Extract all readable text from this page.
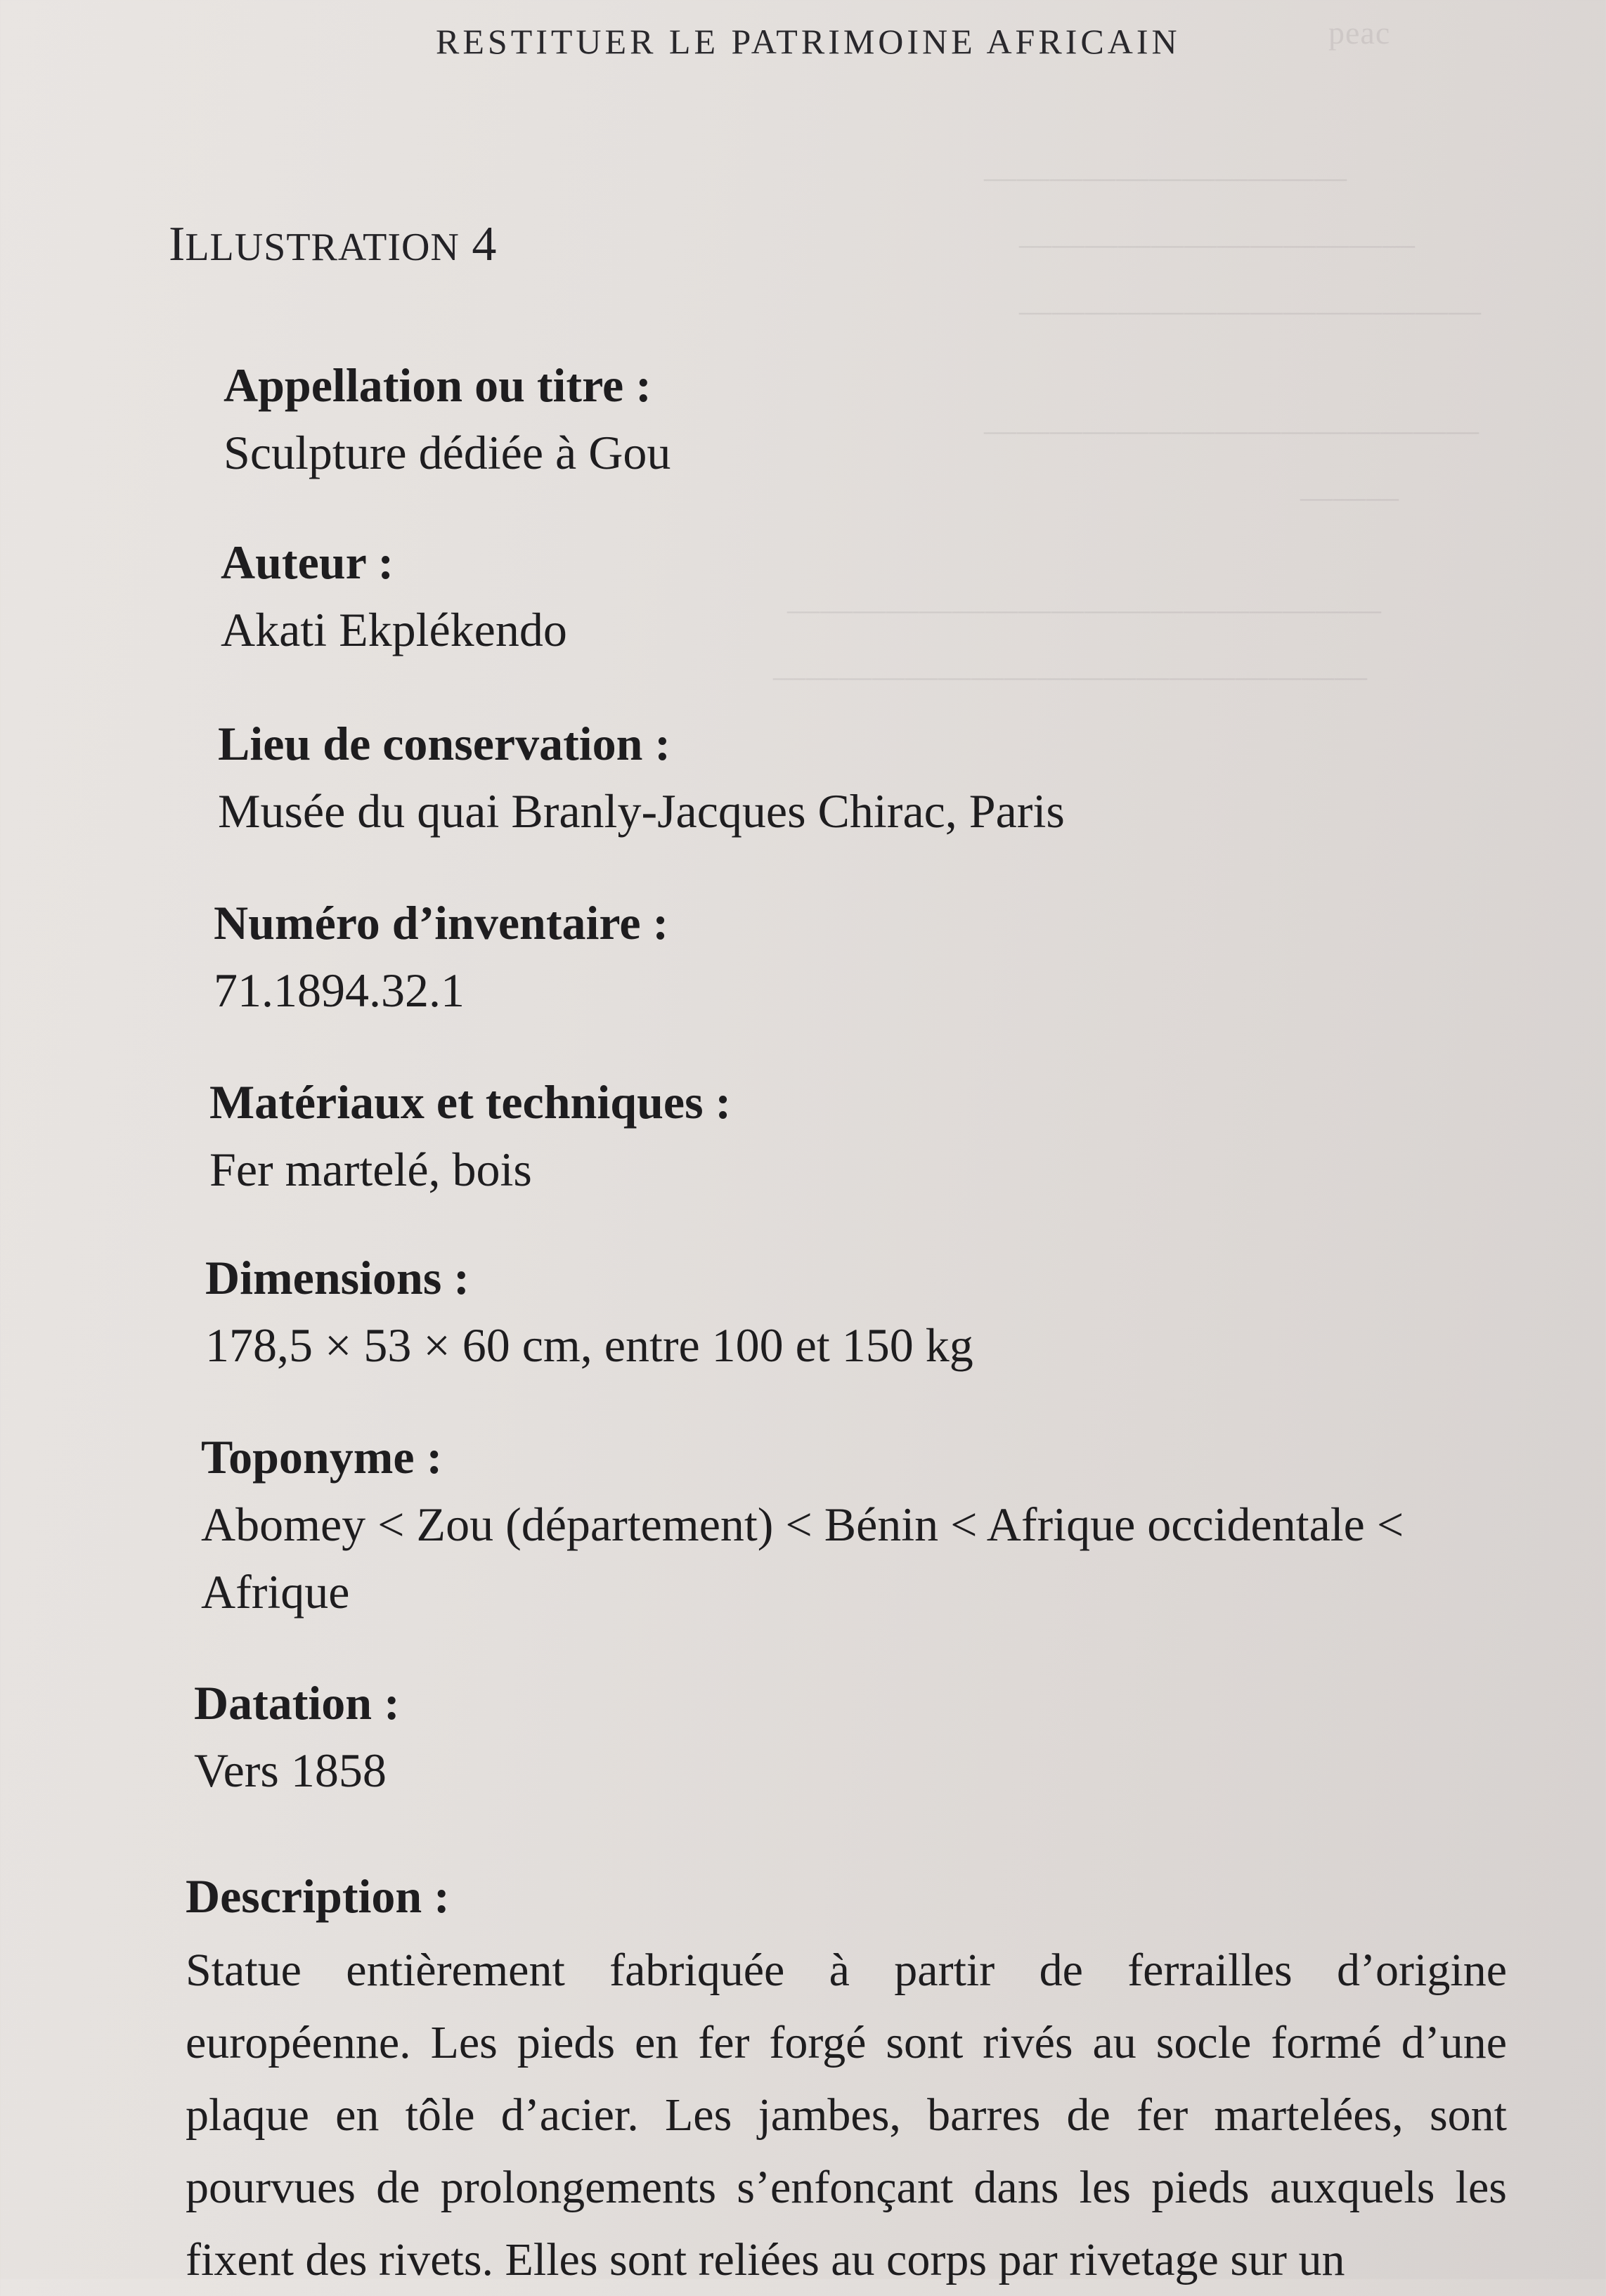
peac
———————————
————————————
——————————————
———————————————
———
——————————————————
——————————————————
RESTITUER LE PATRIMOINE AFRICAIN
ILLUSTRATION 4
Appellation ou titre :
Sculpture dédiée à Gou
Auteur :
Akati Ekplékendo
Lieu de conservation :
Musée du quai Branly-Jacques Chirac, Paris
Numéro d’inventaire :
71.1894.32.1
Matériaux et techniques :
Fer martelé, bois
Dimensions :
178,5 × 53 × 60 cm, entre 100 et 150 kg
Toponyme :
Abomey < Zou (département) < Bénin < Afrique occidentale < Afrique
Datation :
Vers 1858
Description :
Statue entièrement fabriquée à partir de ferrailles d’origine européenne. Les pieds en fer forgé sont rivés au socle formé d’une plaque en tôle d’acier. Les jambes, barres de fer martelées, sont pourvues de prolongements s’enfonçant dans les pieds auxquels les fixent des rivets. Elles sont reliées au corps par rivetage sur un
